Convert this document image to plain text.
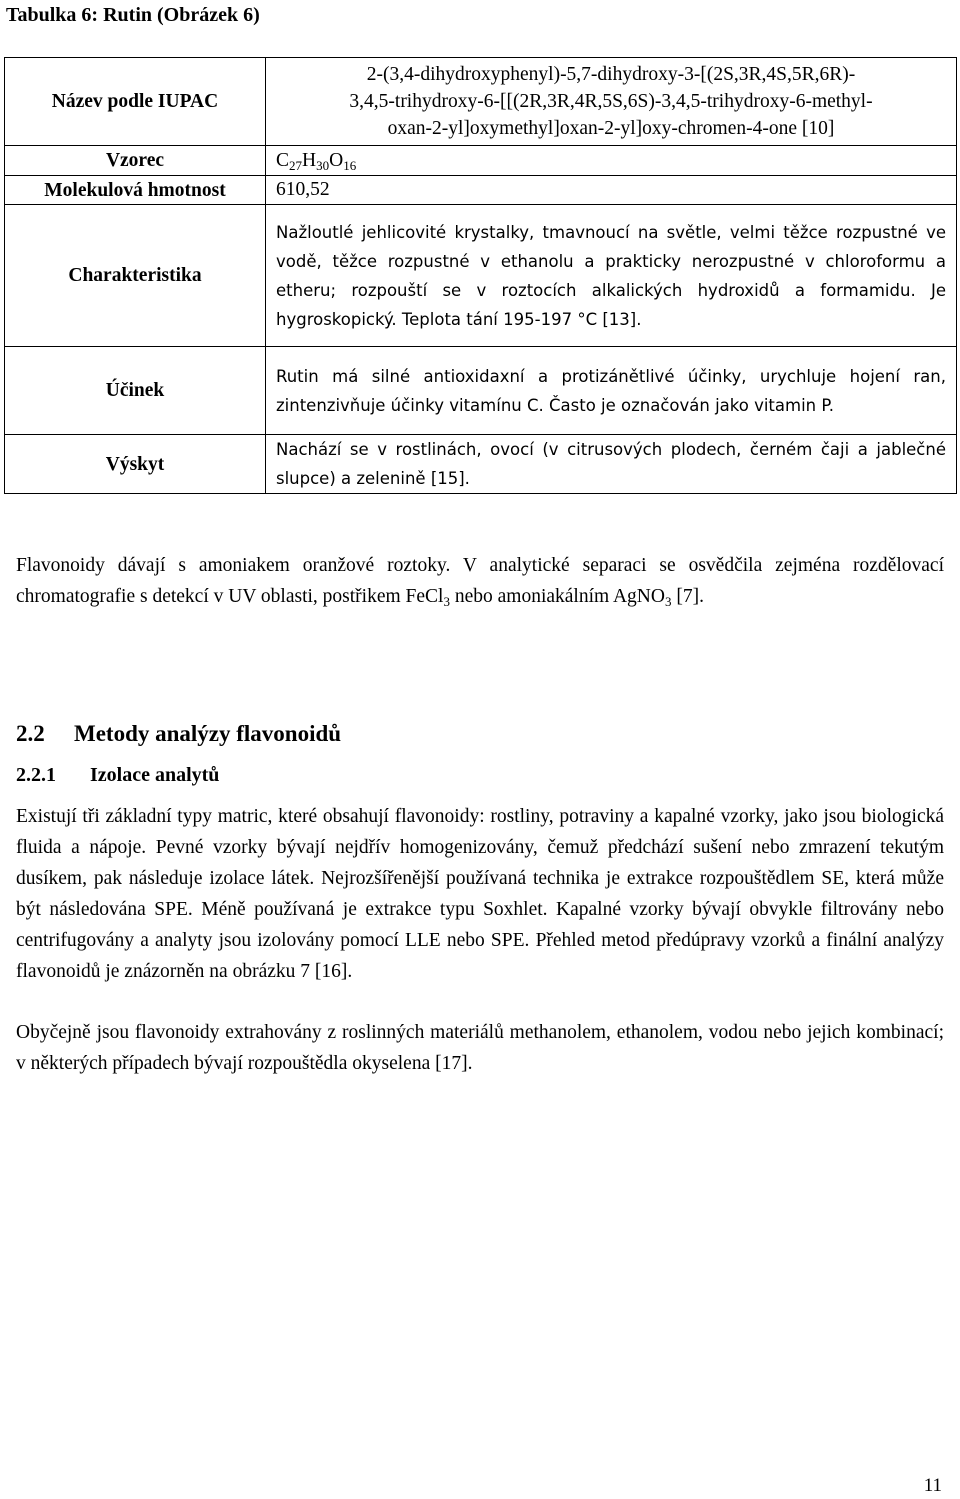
Tabulka 6: Rutin (Obrázek 6)
Název podle IUPAC	2-(3,4-dihydroxyphenyl)-5,7-dihydroxy-3-[(2S,3R,4S,5R,6R)-
3,4,5-trihydroxy-6-[[(2R,3R,4R,5S,6S)-3,4,5-trihydroxy-6-methyl-
oxan-2-yl]oxymethyl]oxan-2-yl]oxy-chromen-4-one [10]

Vzorec	$C_{27}H_{30}O_{16}$
Molekulová hmotnost	610,52
Charakteristika	Nažloutlé jehlicovité krystalky, tmavnoucí na světle, velmi těžce rozpustné ve vodě, těžce rozpustné v ethanolu a prakticky nerozpustné v chloroformu a etheru; rozpouští se v roztocích alkalických hydroxidů a formamidu. Je hygroskopický. Teplota tání 195-197 °C [13].
Účinek	Rutin má silné antioxidaxní a protizánětlivé účinky, urychluje hojení ran, zintenzivňuje účinky vitamínu C. Často je označován jako vitamin P.
Výskyt	Nachází se v rostlinách, ovocí (v citrusových plodech, černém čaji a jablečné slupce) a zelenině [15].
Flavonoidy dávají s amoniakem oranžové roztoky. V analytické separaci se osvědčila zejména rozdělovací chromatografie s detekcí v UV oblasti, postřikem FeCl$_3$ nebo amoniakálním AgNO$_3$ [7].
2.2 Metody analýzy flavonoidů
2.2.1 Izolace analytů
Existují tři základní typy matric, které obsahují flavonoidy: rostliny, potraviny a kapalné vzorky, jako jsou biologická fluida a nápoje. Pevné vzorky bývají nejdřív homogenizovány, čemuž předchází sušení nebo zmrazení tekutým dusíkem, pak následuje izolace látek. Nejrozšířenější používaná technika je extrakce rozpouštědlem SE, která může být následována SPE. Méně používaná je extrakce typu Soxhlet. Kapalné vzorky bývají obvykle filtrovány nebo centrifugovány a analyty jsou izolovány pomocí LLE nebo SPE. Přehled metod předúpravy vzorků a finální analýzy flavonoidů je znázorněn na obrázku 7 [16].
Obyčejně jsou flavonoidy extrahovány z roslinných materiálů methanolem, ethanolem, vodou nebo jejich kombinací; v některých případech bývají rozpouštědla okyselena [17].
11
